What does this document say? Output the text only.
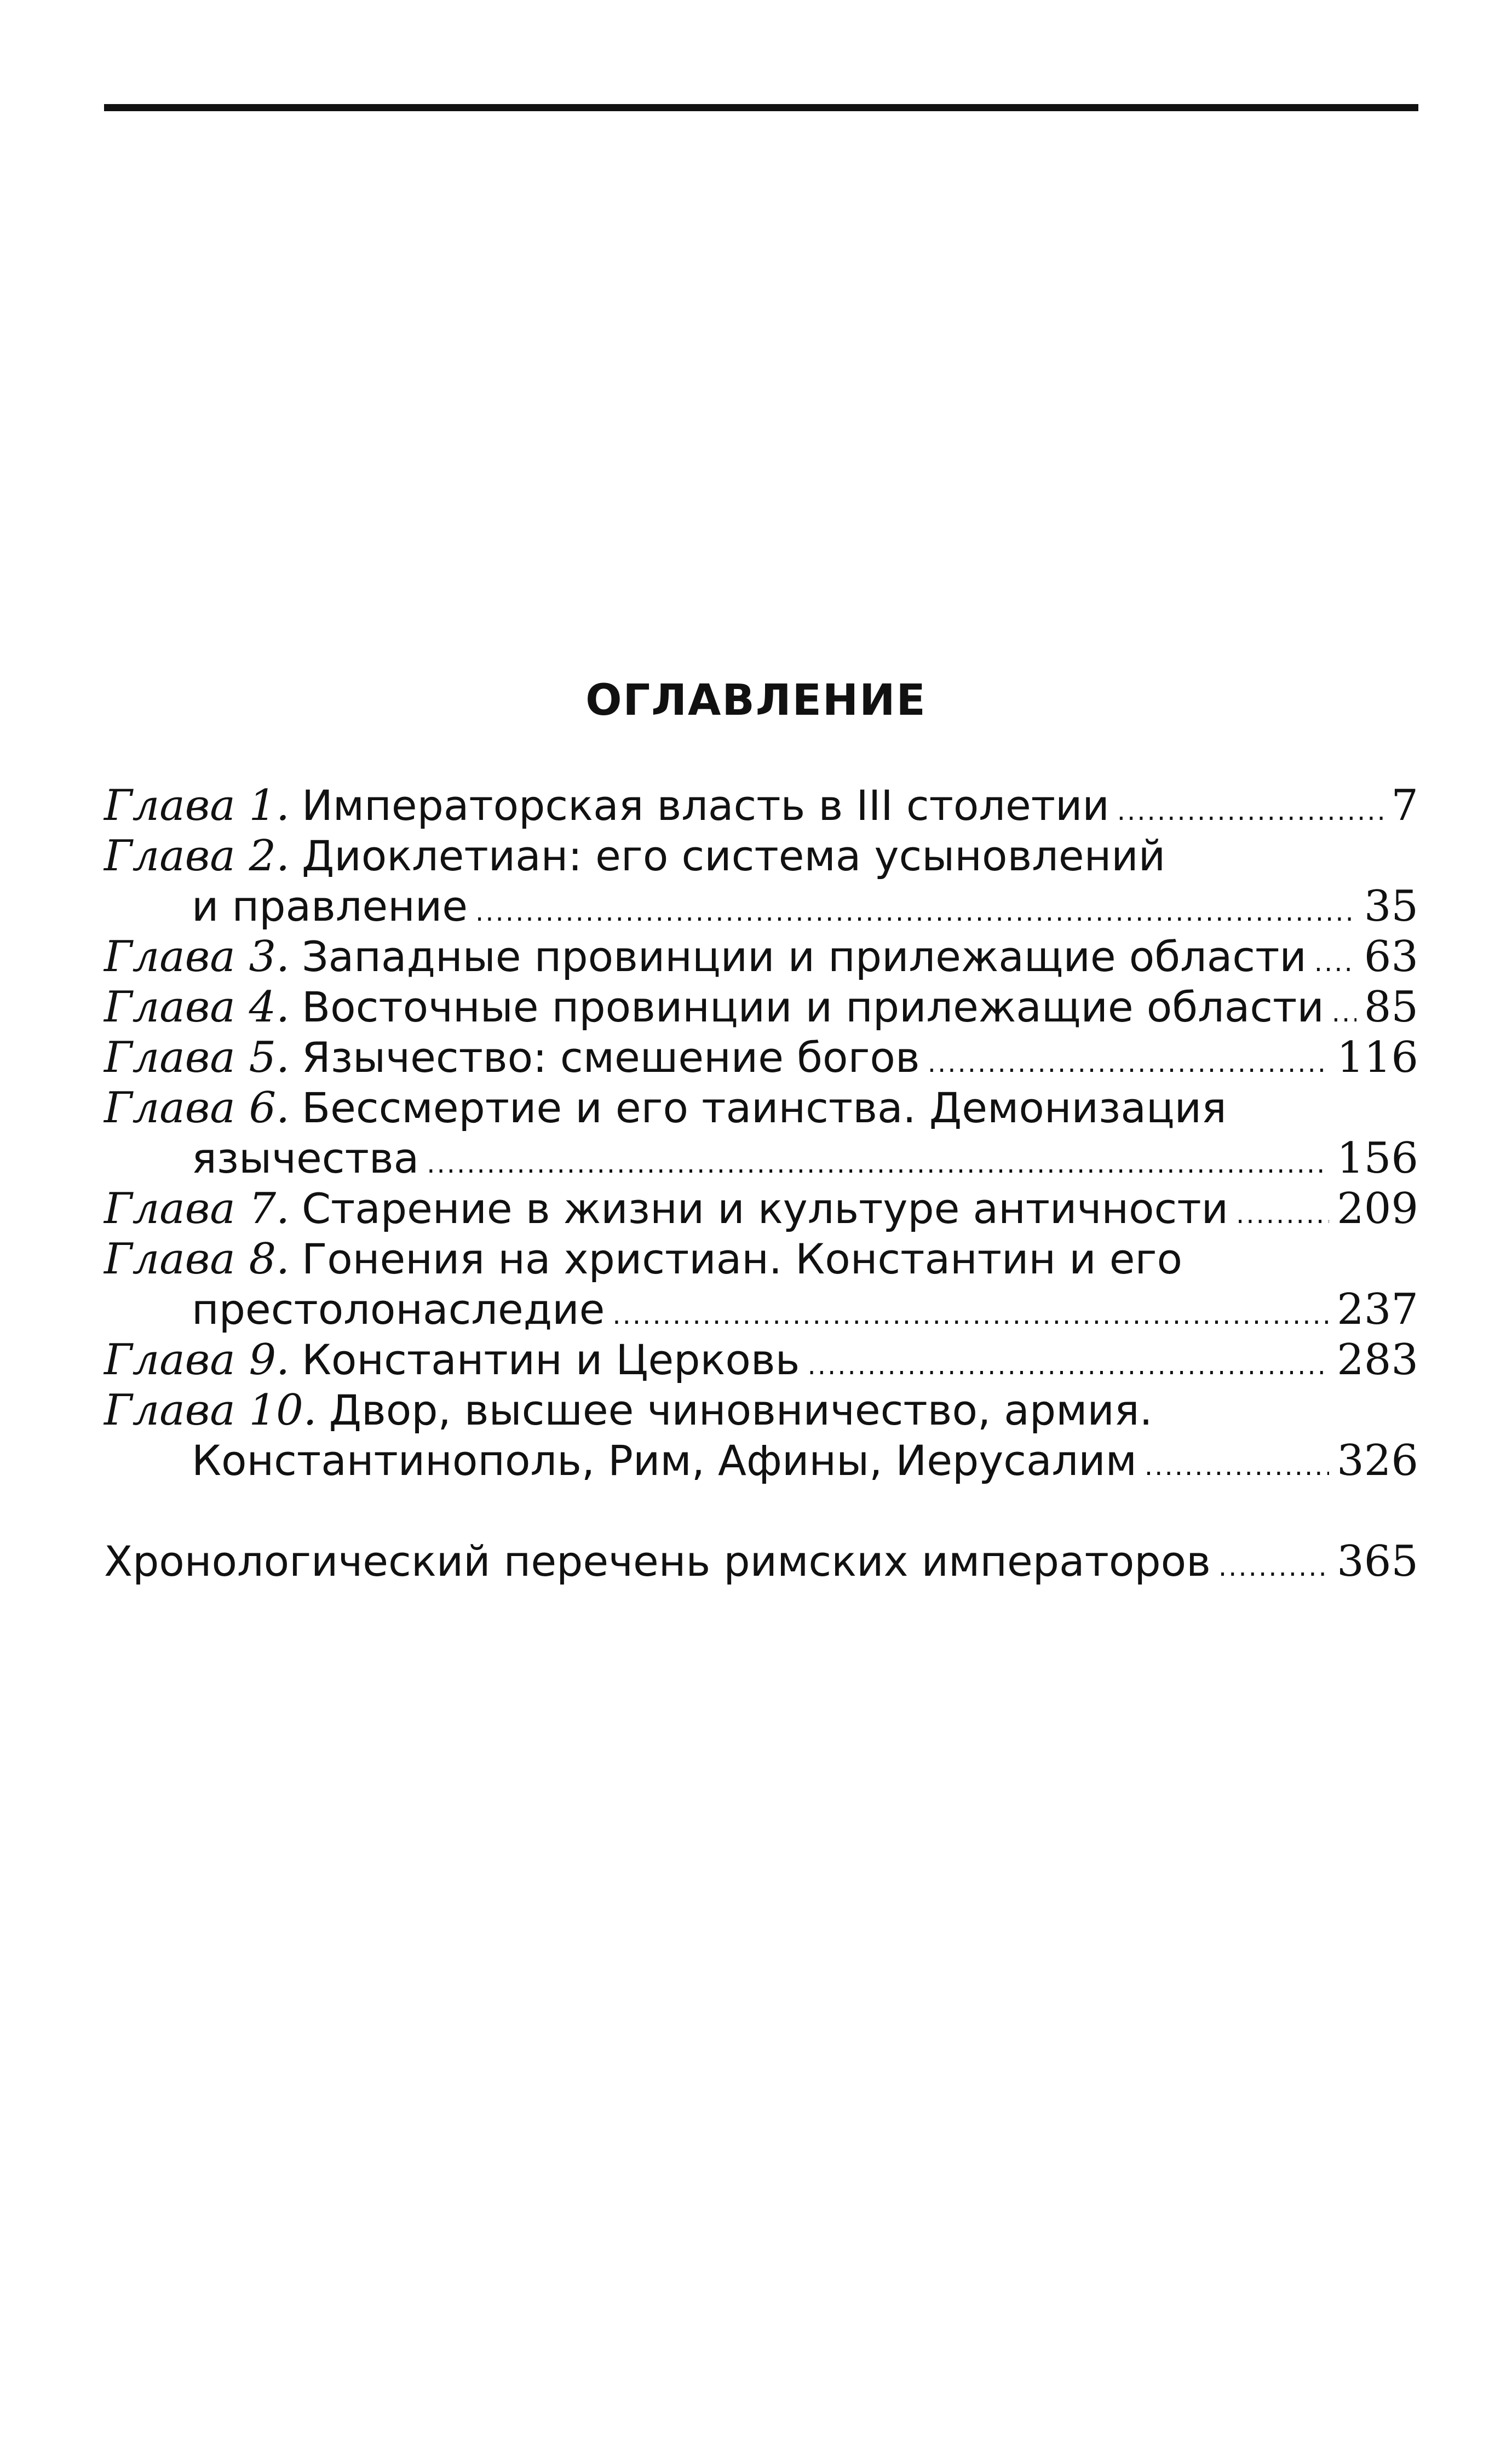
ОГЛАВЛЕНИЕ
Глава 1. Императорская власть в III столетии .....	7
Глава 2. Диоклетиан: его система усыновлений
и правление .....	35
Глава 3. Западные провинции и прилежащие области ..... 63
Глава 4. Восточные провинции и прилежащие области ..... 85
Глава 5. Язычество: смешение богов .....	116
Глава 6. Бессмертие и его таинства. Демонизация
язычества .....	156
Глава 7. Старение в жизни и культуре античности .....	209
Глава 8. Гонения на христиан. Константин и его
престолонаследие .....	237
Глава 9. Константин и Церковь .....	283
Глава 10. Двор, высшее чиновничество, армия.
Константинополь, Рим, Афины, Иерусалим .....	326
Хронологический перечень римских императоров .....	365
